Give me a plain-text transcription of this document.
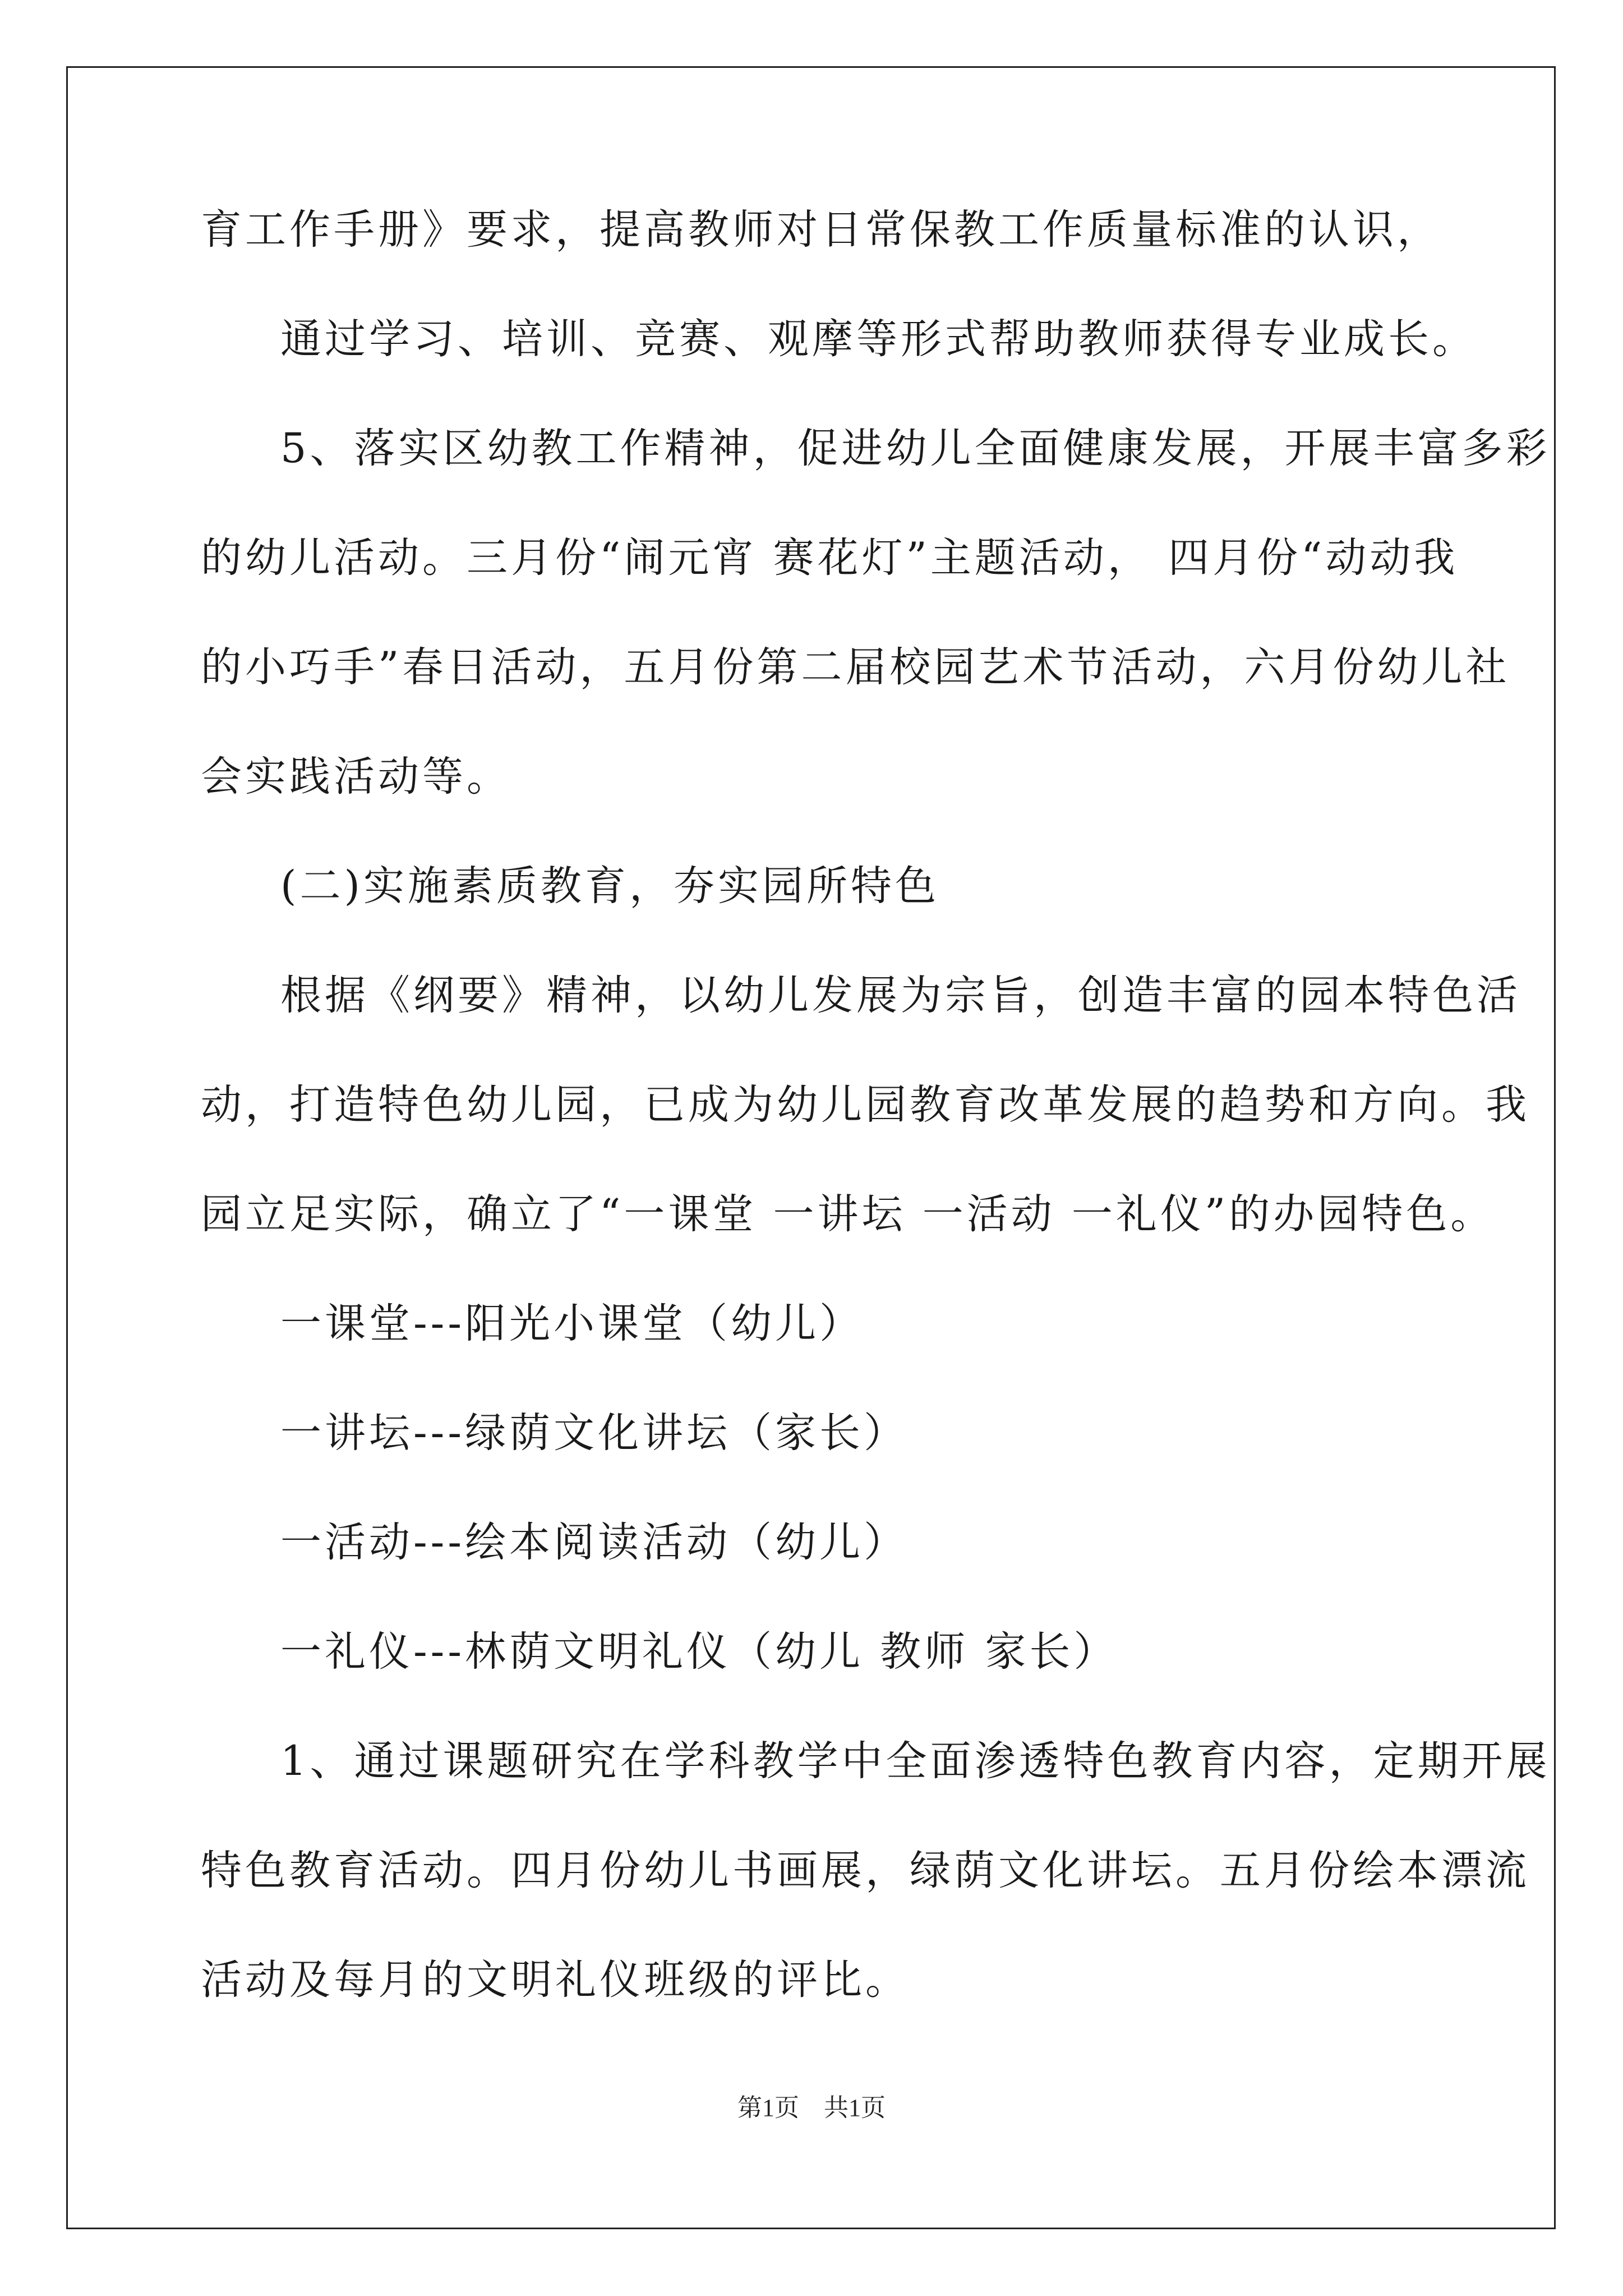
育工作手册》要求，提高教师对日常保教工作质量标准的认识，
通过学习、培训、竞赛、观摩等形式帮助教师获得专业成长。
5、落实区幼教工作精神，促进幼儿全面健康发展，开展丰富多彩
的幼儿活动。三月份“闹元宵 赛花灯”主题活动， 四月份“动动我
的小巧手”春日活动，五月份第二届校园艺术节活动，六月份幼儿社
会实践活动等。
(二)实施素质教育，夯实园所特色
根据《纲要》精神，以幼儿发展为宗旨，创造丰富的园本特色活
动，打造特色幼儿园，已成为幼儿园教育改革发展的趋势和方向。我
园立足实际，确立了“一课堂 一讲坛 一活动 一礼仪”的办园特色。
一课堂---阳光小课堂（幼儿）
一讲坛---绿荫文化讲坛（家长）
一活动---绘本阅读活动（幼儿）
一礼仪---林荫文明礼仪（幼儿 教师 家长）
1、通过课题研究在学科教学中全面渗透特色教育内容，定期开展
特色教育活动。四月份幼儿书画展，绿荫文化讲坛。五月份绘本漂流
活动及每月的文明礼仪班级的评比。
第1页　共1页
